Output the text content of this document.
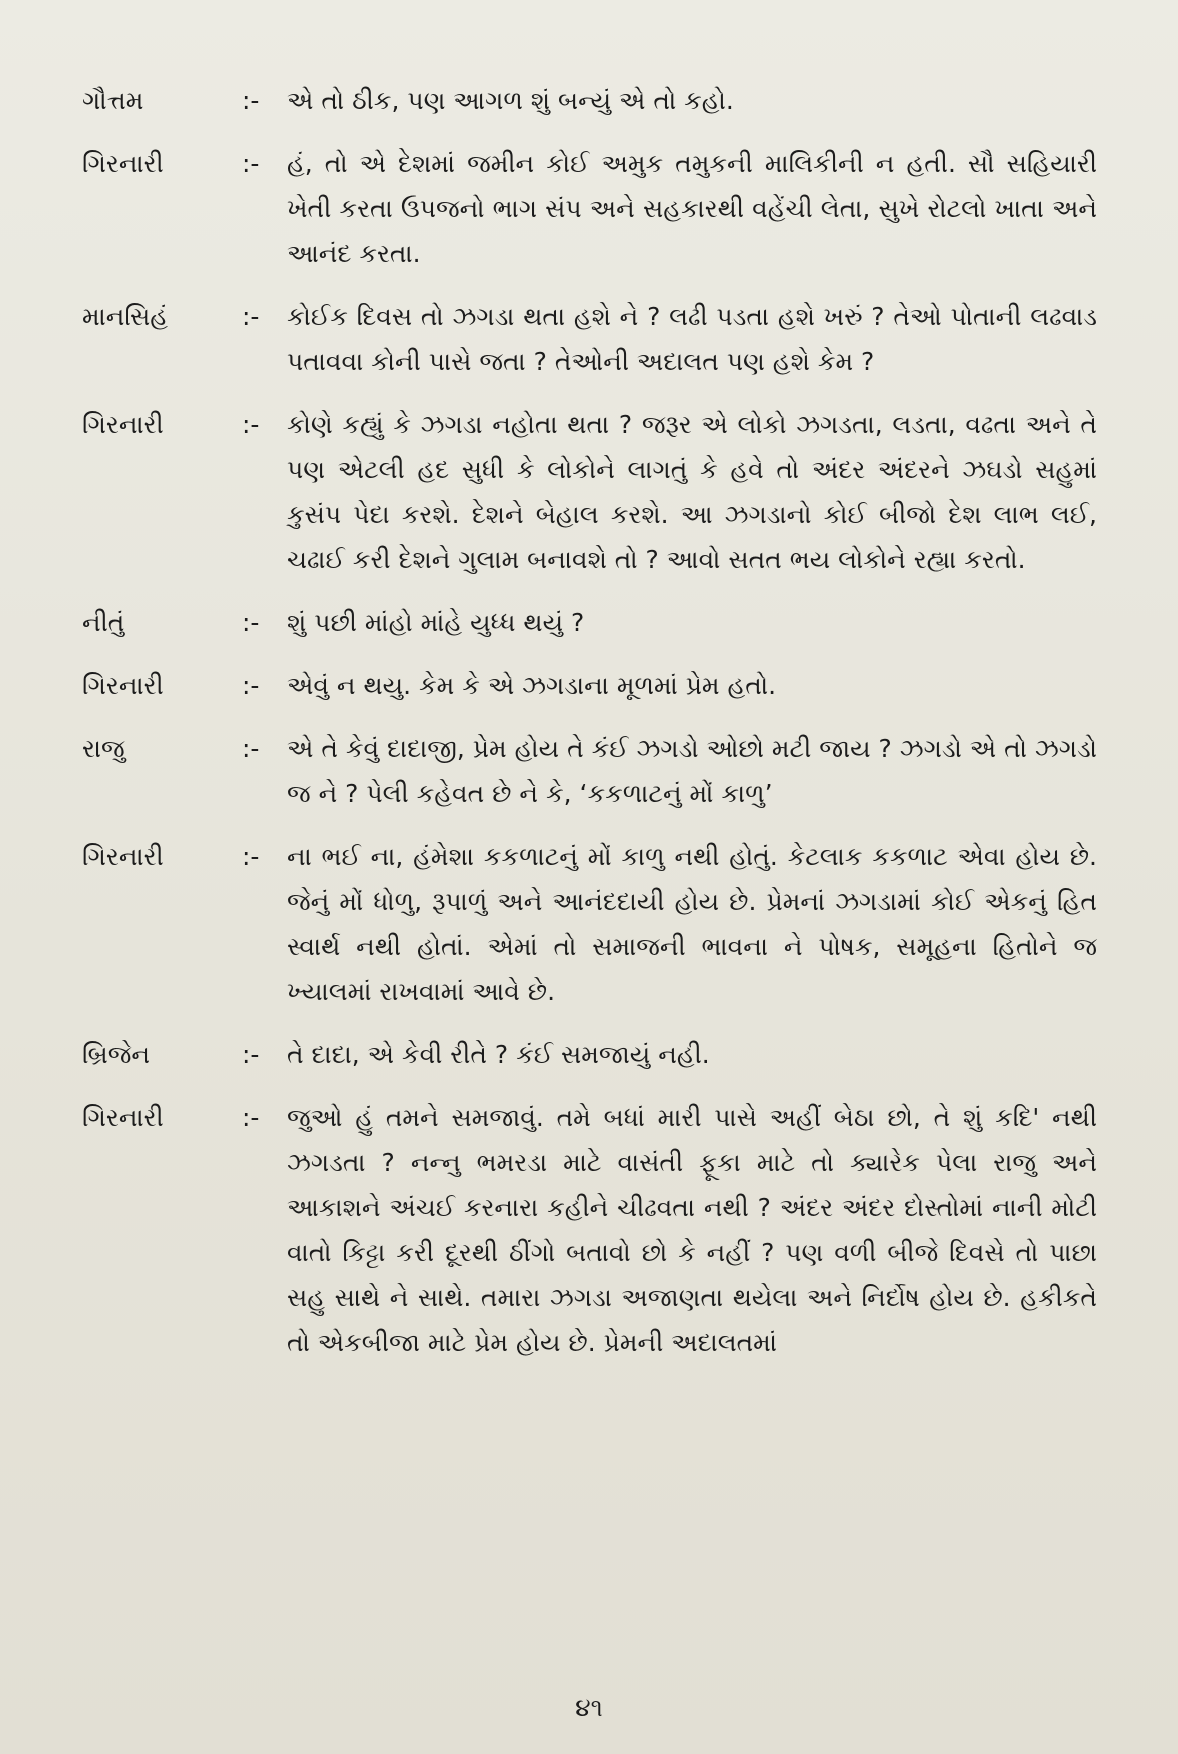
ગૌત્તમ	:-	એ તો ઠીક, પણ આગળ શું બન્યું એ તો કહો.
ગિરનારી	:-	હં, તો એ દેશમાં જમીન કોઈ અમુક તમુકની માલિકીની ન હતી. સૌ સહિયારી ખેતી કરતા ઉપજનો ભાગ સંપ અને સહકારથી વહેંચી લેતા, સુખે રોટલો ખાતા અને આનંદ કરતા.
માનસિહં	:-	કોઈક દિવસ તો ઝગડા થતા હશે ને ? લઢી પડતા હશે ખરું ? તેઓ પોતાની લઢવાડ પતાવવા કોની પાસે જતા ? તેઓની અદાલત પણ હશે કેમ ?
ગિરનારી	:-	કોણે કહ્યું કે ઝગડા નહોતા થતા ? જરૂર એ લોકો ઝગડતા, લડતા, વઢતા અને તે પણ એટલી હદ સુધી કે લોકોને લાગતું કે હવે તો અંદર અંદરને ઝઘડો સહુમાં કુસંપ પેદા કરશે. દેશને બેહાલ કરશે. આ ઝગડાનો કોઈ બીજો દેશ લાભ લઈ, ચઢાઈ કરી દેશને ગુલામ બનાવશે તો ? આવો સતત ભય લોકોને રહ્યા કરતો.
નીતું	:-	શું પછી માંહો માંહે યુધ્ધ થયું ?
ગિરનારી	:-	એવું ન થયુ. કેમ કે એ ઝગડાના મૂળમાં પ્રેમ હતો.
રાજુ	:-	એ તે કેવું દાદાજી, પ્રેમ હોય તે કંઈ ઝગડો ઓછો મટી જાય ? ઝગડો એ તો ઝગડો જ ને ? પેલી કહેવત છે ને કે, ‘કકળાટનું મોં કાળુ’
ગિરનારી	:-	ના ભઈ ના, હંમેશા કકળાટનું મોં કાળુ નથી હોતું. કેટલાક કકળાટ એવા હોય છે. જેનું મોં ધોળુ, રૂપાળું અને આનંદદાયી હોય છે. પ્રેમનાં ઝગડામાં કોઈ એકનું હિત સ્વાર્થ નથી હોતાં. એમાં તો સમાજની ભાવના ને પોષક, સમૂહના હિતોને જ ખ્યાલમાં રાખવામાં આવે છે.
બ્રિજેન	:-	તે દાદા, એ કેવી રીતે ? કંઈ સમજાયું નહી.
ગિરનારી	:-	જુઓ હું તમને સમજાવું. તમે બધાં મારી પાસે અહીં બેઠા છો, તે શું કદિ' નથી ઝગડતા ? નન્નુ ભમરડા માટે વાસંતી ફૂકા માટે તો ક્યારેક પેલા રાજુ અને આકાશને અંચઈ કરનારા કહીને ચીઢવતા નથી ? અંદર અંદર દોસ્તોમાં નાની મોટી વાતો કિટ્ટા કરી દૂરથી ઠીંગો બતાવો છો કે નહીં ? પણ વળી બીજે દિવસે તો પાછા સહુ સાથે ને સાથે. તમારા ઝગડા અજાણતા થયેલા અને નિર્દોષ હોય છે. હકીકતે તો એકબીજા માટે પ્રેમ હોય છે. પ્રેમની અદાલતમાં
૪૧
